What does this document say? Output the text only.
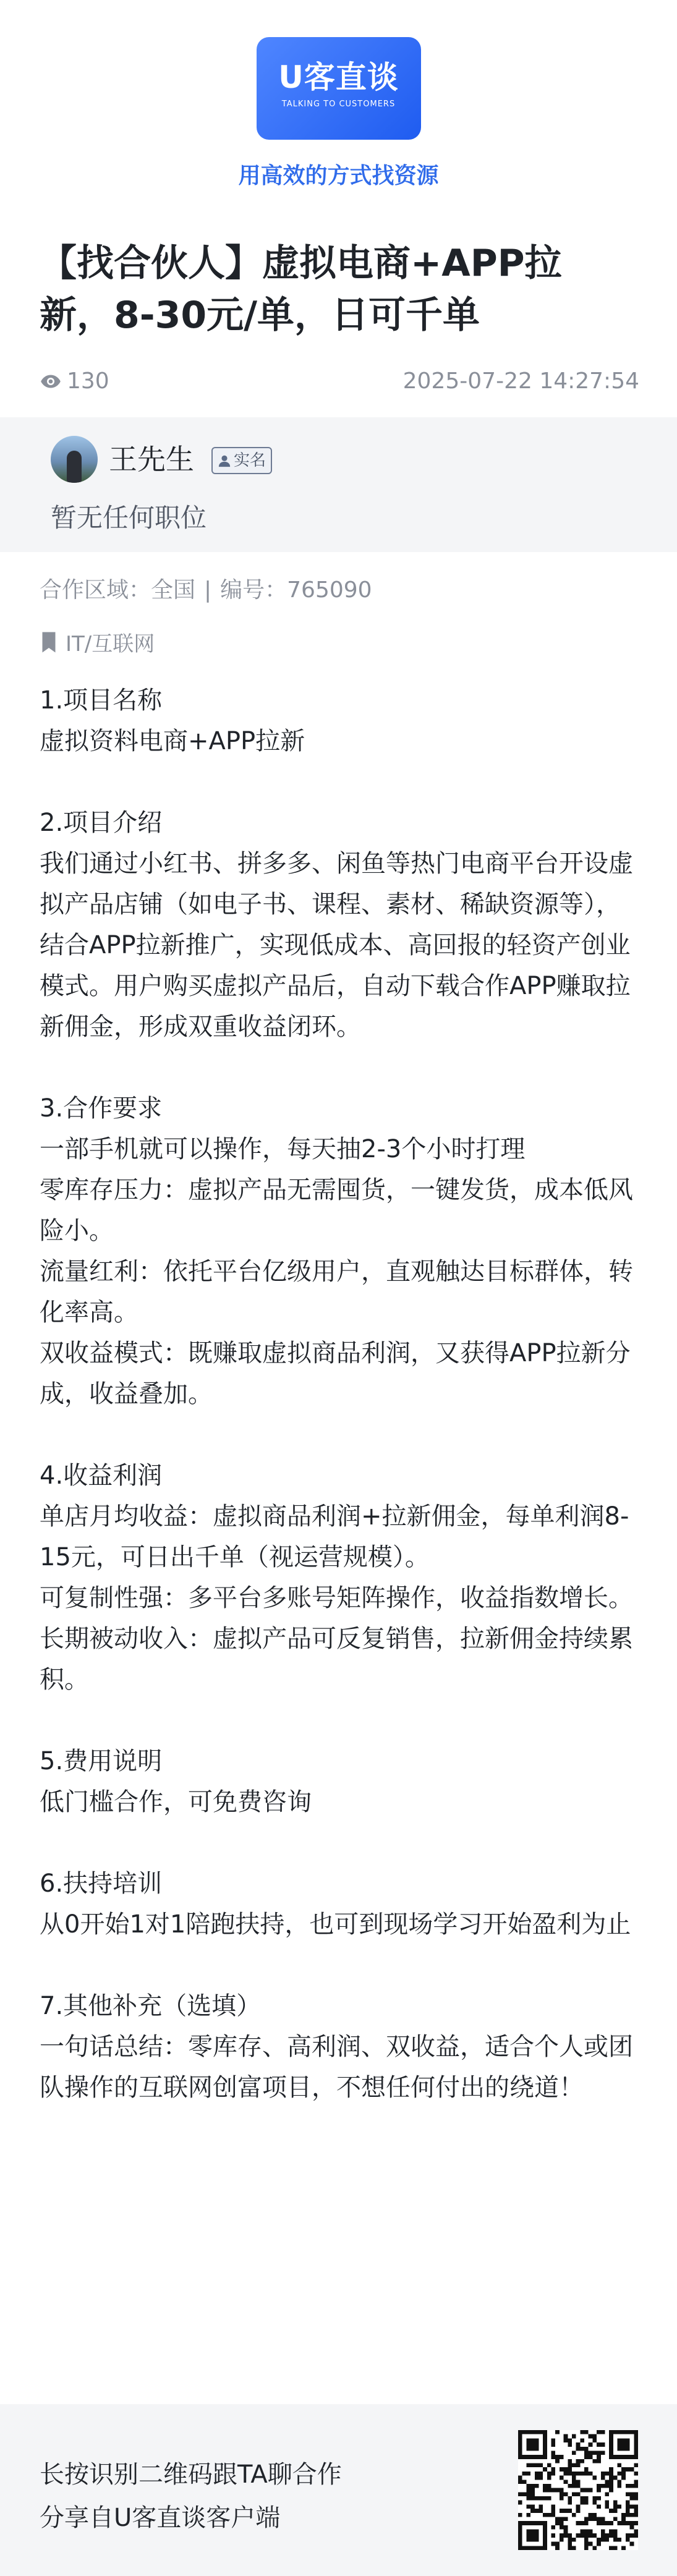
U客直谈
TALKING TO CUSTOMERS
用高效的方式找资源
【找合伙人】虚拟电商+APP拉新，8-30元/单，日可千单
130	2025-07-22 14:27:54
王先生 实名
暂无任何职位
合作区域：全国 | 编号：765090
IT/互联网
1.项目名称
虚拟资料电商+APP拉新

2.项目介绍
我们通过小红书、拼多多、闲鱼等热门电商平台开设虚拟产品店铺（如电子书、课程、素材、稀缺资源等），结合APP拉新推广，实现低成本、高回报的轻资产创业模式。用户购买虚拟产品后，自动下载合作APP赚取拉新佣金，形成双重收益闭环。

3.合作要求
一部手机就可以操作，每天抽2-3个小时打理
零库存压力：虚拟产品无需囤货，一键发货，成本低风险小。
流量红利：依托平台亿级用户，直观触达目标群体，转化率高。
双收益模式：既赚取虚拟商品利润，又获得APP拉新分成，收益叠加。

4.收益利润
单店月均收益：虚拟商品利润+拉新佣金，每单利润8-15元，可日出千单（视运营规模）。
可复制性强：多平台多账号矩阵操作，收益指数增长。
长期被动收入：虚拟产品可反复销售，拉新佣金持续累积。

5.费用说明
低门槛合作，可免费咨询

6.扶持培训
从0开始1对1陪跑扶持，也可到现场学习开始盈利为止

7.其他补充（选填）
一句话总结：零库存、高利润、双收益，适合个人或团队操作的互联网创富项目，不想任何付出的绕道！
长按识别二维码跟TA聊合作
分享自U客直谈客户端
